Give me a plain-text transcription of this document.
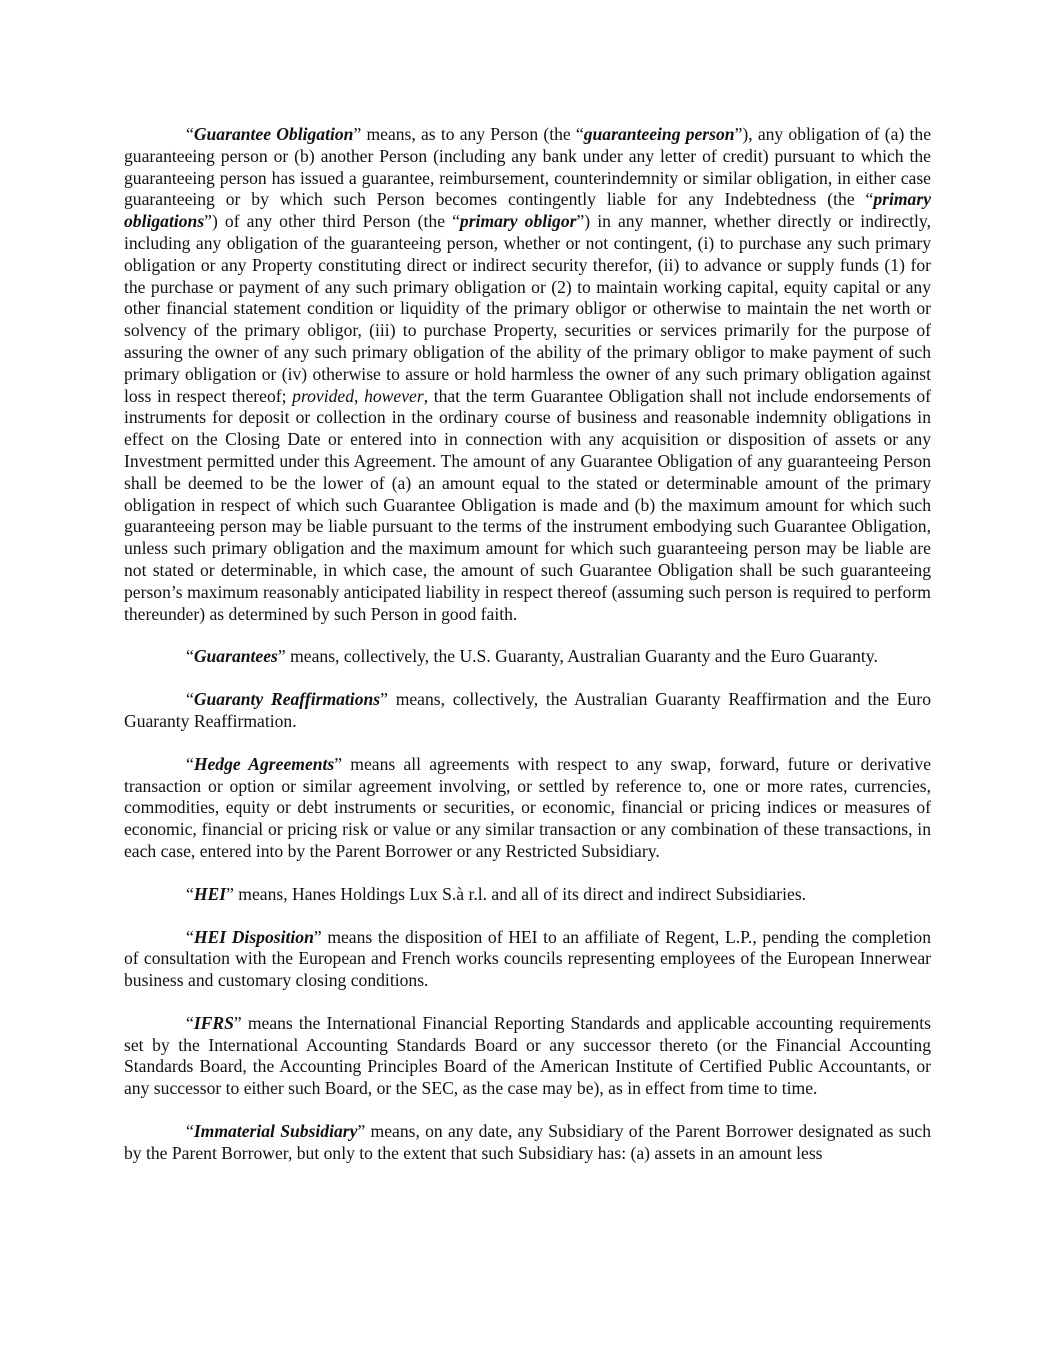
“Guarantee Obligation” means, as to any Person (the “guaranteeing person”), any obligation of (a) the guaranteeing person or (b) another Person (including any bank under any letter of credit) pursuant to which the guaranteeing person has issued a guarantee, reimbursement, counterindemnity or similar obligation, in either case guaranteeing or by which such Person becomes contingently liable for any Indebtedness (the “primary obligations”) of any other third Person (the “primary obligor”) in any manner, whether directly or indirectly, including any obligation of the guaranteeing person, whether or not contingent, (i) to purchase any such primary obligation or any Property constituting direct or indirect security therefor, (ii) to advance or supply funds (1) for the purchase or payment of any such primary obligation or (2) to maintain working capital, equity capital or any other financial statement condition or liquidity of the primary obligor or otherwise to maintain the net worth or solvency of the primary obligor, (iii) to purchase Property, securities or services primarily for the purpose of assuring the owner of any such primary obligation of the ability of the primary obligor to make payment of such primary obligation or (iv) otherwise to assure or hold harmless the owner of any such primary obligation against loss in respect thereof; provided, however, that the term Guarantee Obligation shall not include endorsements of instruments for deposit or collection in the ordinary course of business and reasonable indemnity obligations in effect on the Closing Date or entered into in connection with any acquisition or disposition of assets or any Investment permitted under this Agreement. The amount of any Guarantee Obligation of any guaranteeing Person shall be deemed to be the lower of (a) an amount equal to the stated or determinable amount of the primary obligation in respect of which such Guarantee Obligation is made and (b) the maximum amount for which such guaranteeing person may be liable pursuant to the terms of the instrument embodying such Guarantee Obligation, unless such primary obligation and the maximum amount for which such guaranteeing person may be liable are not stated or determinable, in which case, the amount of such Guarantee Obligation shall be such guaranteeing person’s maximum reasonably anticipated liability in respect thereof (assuming such person is required to perform thereunder) as determined by such Person in good faith.

“Guarantees” means, collectively, the U.S. Guaranty, Australian Guaranty and the Euro Guaranty.

“Guaranty Reaffirmations” means, collectively, the Australian Guaranty Reaffirmation and the Euro Guaranty Reaffirmation.

“Hedge Agreements” means all agreements with respect to any swap, forward, future or derivative transaction or option or similar agreement involving, or settled by reference to, one or more rates, currencies, commodities, equity or debt instruments or securities, or economic, financial or pricing indices or measures of economic, financial or pricing risk or value or any similar transaction or any combination of these transactions, in each case, entered into by the Parent Borrower or any Restricted Subsidiary.

“HEI” means, Hanes Holdings Lux S.à r.l. and all of its direct and indirect Subsidiaries.

“HEI Disposition” means the disposition of HEI to an affiliate of Regent, L.P., pending the completion of consultation with the European and French works councils representing employees of the European Innerwear business and customary closing conditions.

“IFRS” means the International Financial Reporting Standards and applicable accounting requirements set by the International Accounting Standards Board or any successor thereto (or the Financial Accounting Standards Board, the Accounting Principles Board of the American Institute of Certified Public Accountants, or any successor to either such Board, or the SEC, as the case may be), as in effect from time to time.

“Immaterial Subsidiary” means, on any date, any Subsidiary of the Parent Borrower designated as such by the Parent Borrower, but only to the extent that such Subsidiary has: (a) assets in an amount less
